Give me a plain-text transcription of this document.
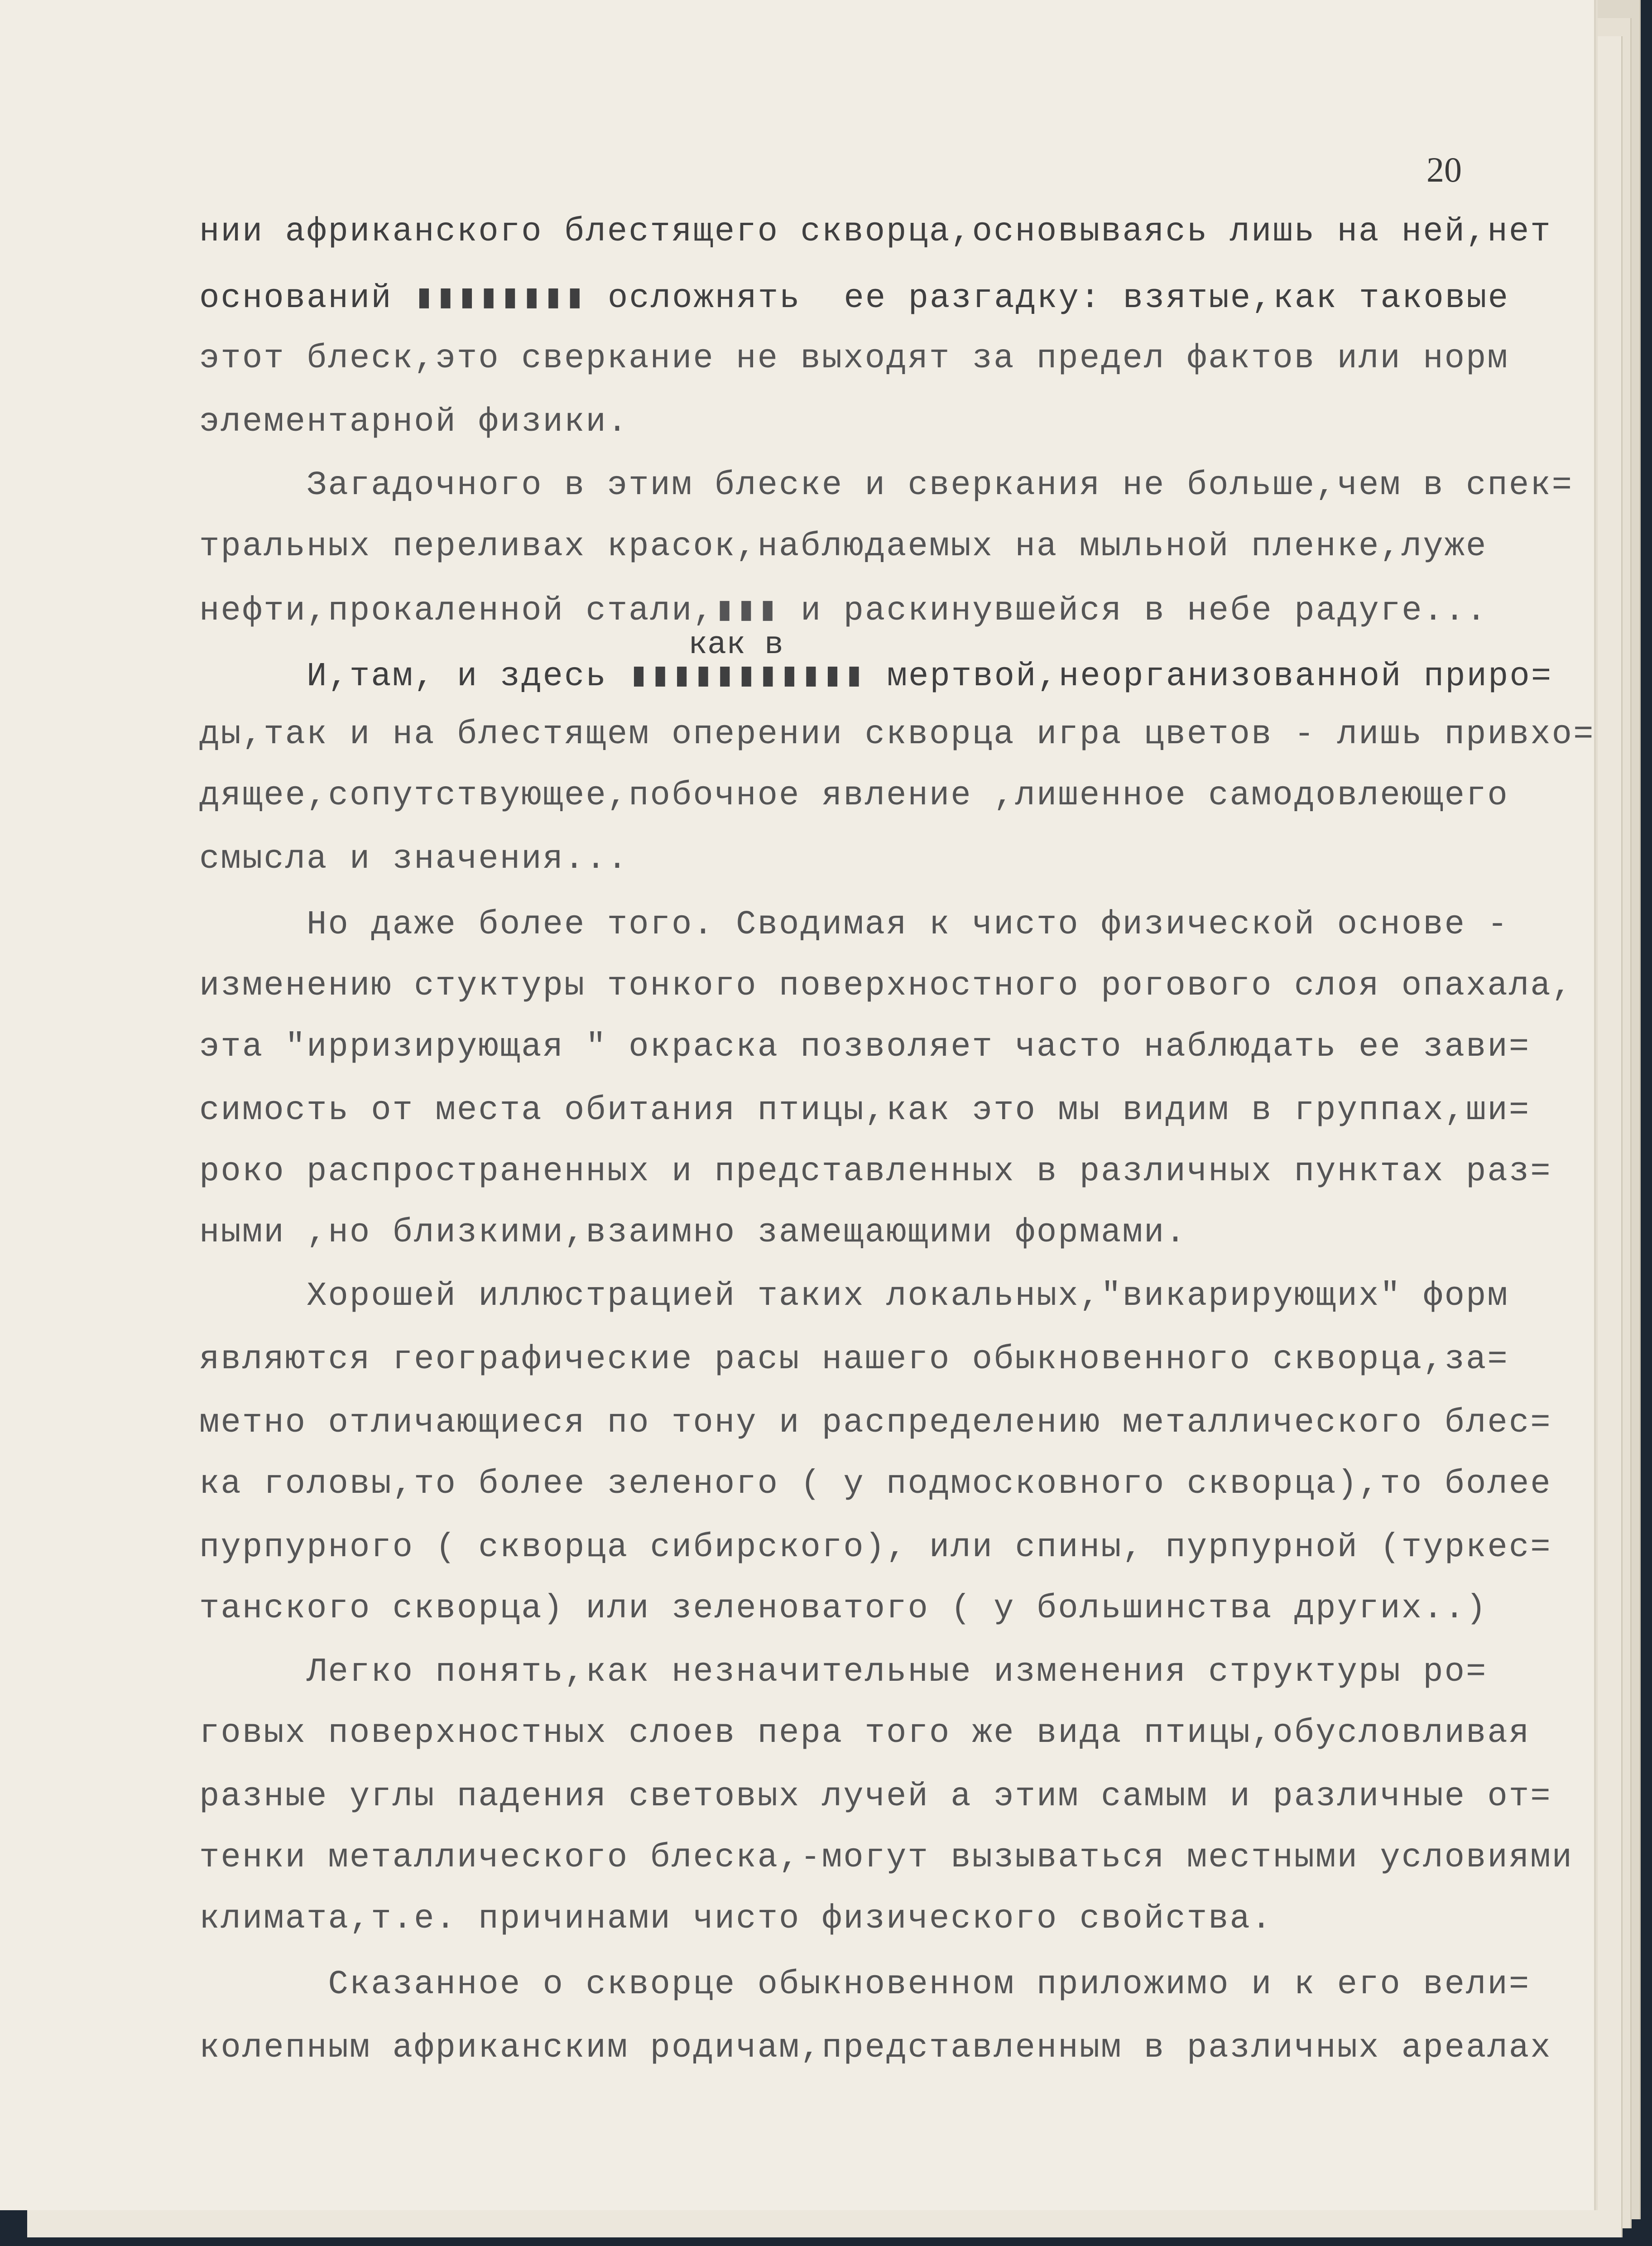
20
нии африканского блестящего скворца,основываясь лишь на ней,нет
оснований ▮▮▮▮▮▮▮▮ осложнять  ее разгадку: взятые,как таковые
этот блеск,это сверкание не выходят за предел фактов или норм
элементарной физики.
Загадочного в этим блеске и сверкания не больше,чем в спек=
тральных переливах красок,наблюдаемых на мыльной пленке,луже
нефти,прокаленной стали,▮▮▮ и раскинувшейся в небе радуге...
как в
И,там, и здесь ▮▮▮▮▮▮▮▮▮▮▮ мертвой,неорганизованной приро=
ды,так и на блестящем оперении скворца игра цветов - лишь привхо=
дящее,сопутствующее,побочное явление ,лишенное самодовлеющего
смысла и значения...
Но даже более того. Сводимая к чисто физической основе -
изменению стуктуры тонкого поверхностного рогового слоя опахала,
эта "ирризирующая " окраска позволяет часто наблюдать ее зави=
симость от места обитания птицы,как это мы видим в группах,ши=
роко распространенных и представленных в различных пунктах раз=
ными ,но близкими,взаимно замещающими формами.
Хорошей иллюстрацией таких локальных,"викарирующих" форм
являются географические расы нашего обыкновенного скворца,за=
метно отличающиеся по тону и распределению металлического блес=
ка головы,то более зеленого ( у подмосковного скворца),то более
пурпурного ( скворца сибирского), или спины, пурпурной (туркес=
танского скворца) или зеленоватого ( у большинства других..)
Легко понять,как незначительные изменения структуры ро=
говых поверхностных слоев пера того же вида птицы,обусловливая
разные углы падения световых лучей а этим самым и различные от=
тенки металлического блеска,-могут вызываться местными условиями
климата,т.е. причинами чисто физического свойства.
Сказанное о скворце обыкновенном приложимо и к его вели=
колепным африканским родичам,представленным в различных ареалах
